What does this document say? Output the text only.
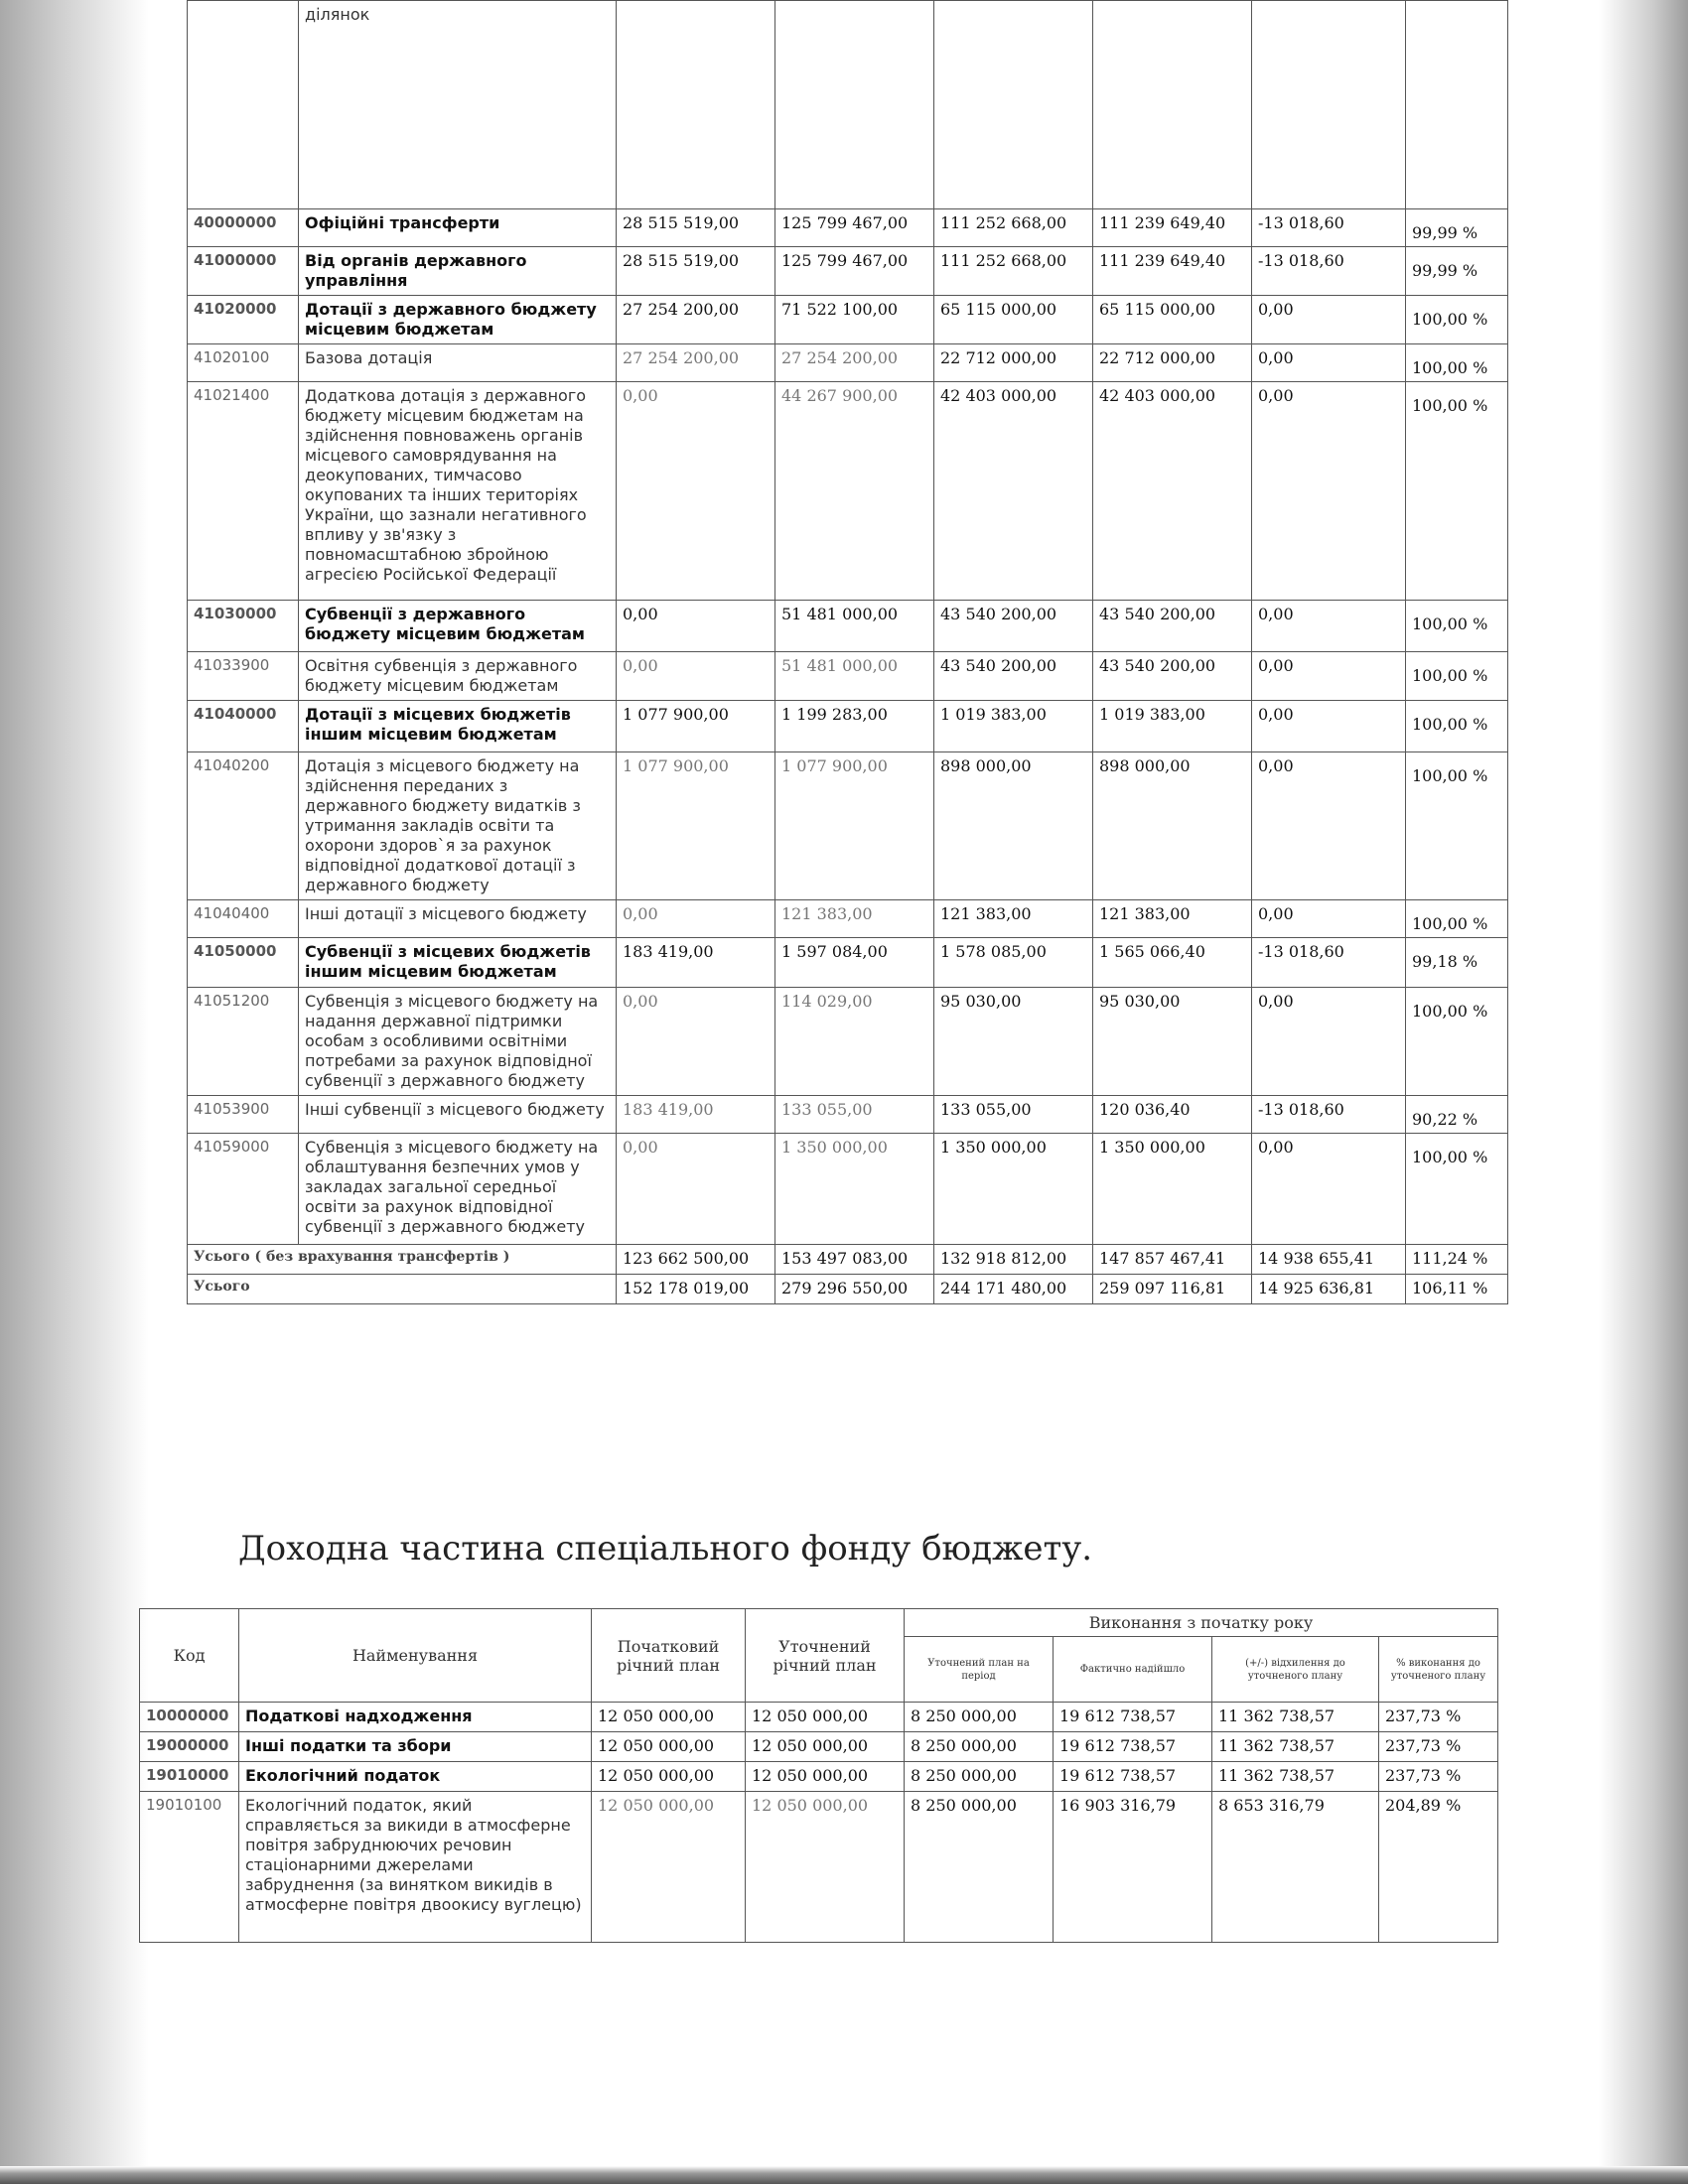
	ділянок						
40000000	Офіційні трансферти	28 515 519,00	125 799 467,00	111 252 668,00	111 239 649,40	-13 018,60	99,99 %
41000000	Від органів державного управління	28 515 519,00	125 799 467,00	111 252 668,00	111 239 649,40	-13 018,60	99,99 %
41020000	Дотації з державного бюджету місцевим бюджетам	27 254 200,00	71 522 100,00	65 115 000,00	65 115 000,00	0,00	100,00 %
41020100	Базова дотація	27 254 200,00	27 254 200,00	22 712 000,00	22 712 000,00	0,00	100,00 %
41021400	Додаткова дотація з державного бюджету місцевим бюджетам на здійснення повноважень органів місцевого самоврядування на деокупованих, тимчасово окупованих та інших територіях України, що зазнали негативного впливу у зв'язку з повномасштабною збройною агресією Російської Федерації	0,00	44 267 900,00	42 403 000,00	42 403 000,00	0,00	100,00 %
41030000	Субвенції з державного бюджету місцевим бюджетам	0,00	51 481 000,00	43 540 200,00	43 540 200,00	0,00	100,00 %
41033900	Освітня субвенція з державного бюджету місцевим бюджетам	0,00	51 481 000,00	43 540 200,00	43 540 200,00	0,00	100,00 %
41040000	Дотації з місцевих бюджетів іншим місцевим бюджетам	1 077 900,00	1 199 283,00	1 019 383,00	1 019 383,00	0,00	100,00 %
41040200	Дотація з місцевого бюджету на здійснення переданих з державного бюджету видатків з утримання закладів освіти та охорони здоров`я за рахунок відповідної додаткової дотації з державного бюджету	1 077 900,00	1 077 900,00	898 000,00	898 000,00	0,00	100,00 %
41040400	Інші дотації з місцевого бюджету	0,00	121 383,00	121 383,00	121 383,00	0,00	100,00 %
41050000	Субвенції з місцевих бюджетів іншим місцевим бюджетам	183 419,00	1 597 084,00	1 578 085,00	1 565 066,40	-13 018,60	99,18 %
41051200	Субвенція з місцевого бюджету на надання державної підтримки особам з особливими освітніми потребами за рахунок відповідної субвенції з державного бюджету	0,00	114 029,00	95 030,00	95 030,00	0,00	100,00 %
41053900	Інші субвенції з місцевого бюджету	183 419,00	133 055,00	133 055,00	120 036,40	-13 018,60	90,22 %
41059000	Субвенція з місцевого бюджету на облаштування безпечних умов у закладах загальної середньої освіти за рахунок відповідної субвенції з державного бюджету	0,00	1 350 000,00	1 350 000,00	1 350 000,00	0,00	100,00 %
Усього ( без врахування трансфертів )		123 662 500,00	153 497 083,00	132 918 812,00	147 857 467,41	14 938 655,41	111,24 %
Усього		152 178 019,00	279 296 550,00	244 171 480,00	259 097 116,81	14 925 636,81	106,11 %
Доходна частина спеціального фонду бюджету.
Код	Найменування	Початковий річний план	Уточнений річний план	Виконання з початку року			
				Уточнений план на період	Фактично надійшло	(+/-) відхилення до уточненого плану	% виконання до уточненого плану
10000000	Податкові надходження	12 050 000,00	12 050 000,00	8 250 000,00	19 612 738,57	11 362 738,57	237,73 %
19000000	Інші податки та збори	12 050 000,00	12 050 000,00	8 250 000,00	19 612 738,57	11 362 738,57	237,73 %
19010000	Екологічний податок	12 050 000,00	12 050 000,00	8 250 000,00	19 612 738,57	11 362 738,57	237,73 %
19010100	Екологічний податок, який справляється за викиди в атмосферне повітря забруднюючих речовин стаціонарними джерелами забруднення (за винятком викидів в атмосферне повітря двоокису вуглецю)	12 050 000,00	12 050 000,00	8 250 000,00	16 903 316,79	8 653 316,79	204,89 %
